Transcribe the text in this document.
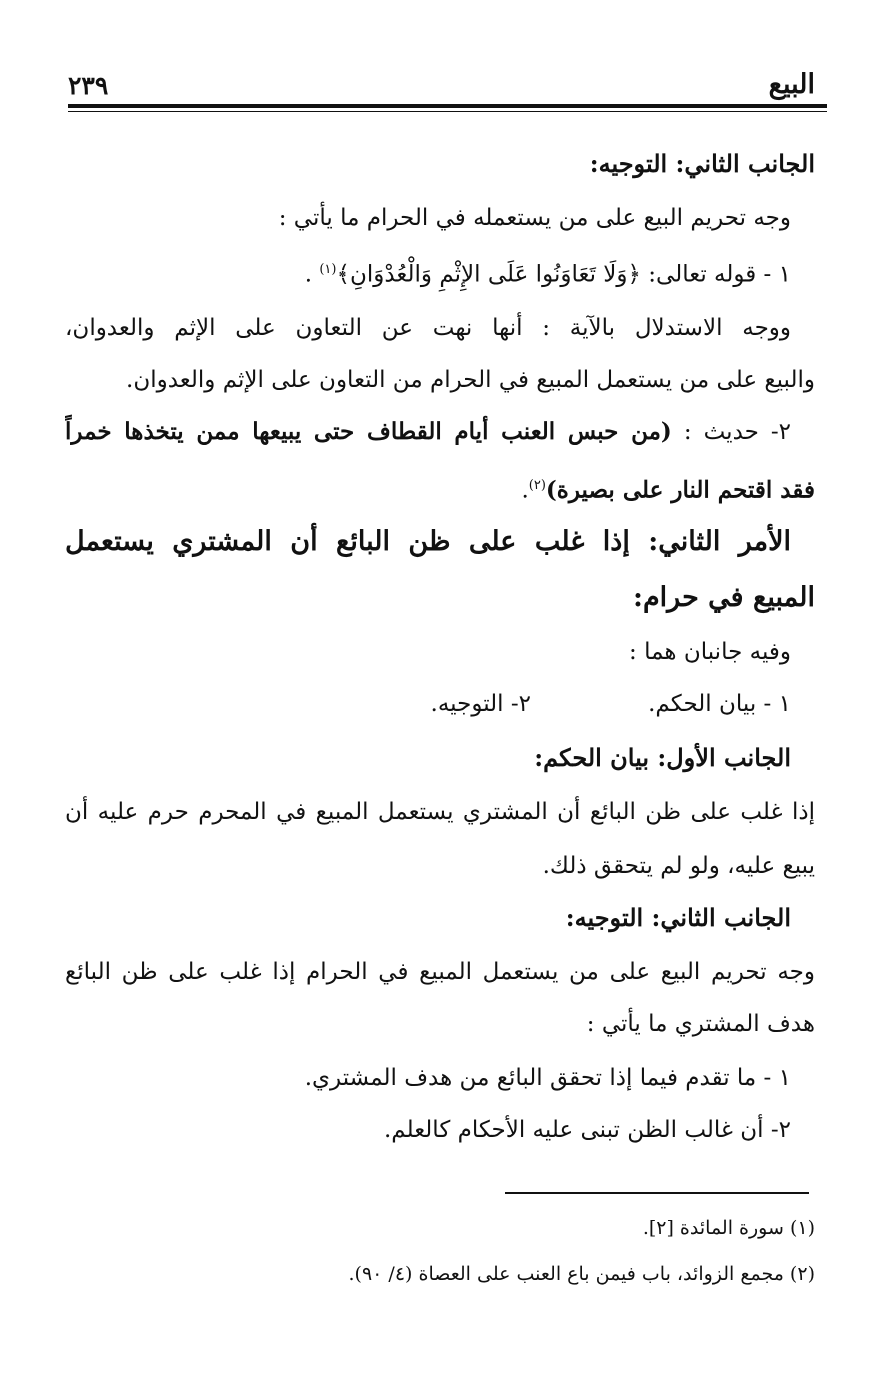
البيع
٢٣٩
الجانب الثاني: التوجيه:
وجه تحريم البيع على من يستعمله في الحرام ما يأتي :
١ - قوله تعالى: ﴿وَلَا تَعَاوَنُوا عَلَى الإِثْمِ وَالْعُدْوَانِ﴾$^{(١)}$ .
ووجه الاستدلال بالآية : أنها نهت عن التعاون على الإثم والعدوان،
والبيع على من يستعمل المبيع في الحرام من التعاون على الإثم والعدوان.
٢- حديث : (من حبس العنب أيام القطاف حتى يبيعها ممن يتخذها خمراً
فقد اقتحم النار على بصيرة)$^{(٢)}$.
الأمر الثاني: إذا غلب على ظن البائع أن المشتري يستعمل
المبيع في حرام:
وفيه جانبان هما :
١ - بيان الحكم.
٢- التوجيه.
الجانب الأول: بيان الحكم:
إذا غلب على ظن البائع أن المشتري يستعمل المبيع في المحرم حرم عليه أن
يبيع عليه، ولو لم يتحقق ذلك.
الجانب الثاني: التوجيه:
وجه تحريم البيع على من يستعمل المبيع في الحرام إذا غلب على ظن البائع
هدف المشتري ما يأتي :
١ - ما تقدم فيما إذا تحقق البائع من هدف المشتري.
٢- أن غالب الظن تبنى عليه الأحكام كالعلم.
(١) سورة المائدة [٢].
(٢) مجمع الزوائد، باب فيمن باع العنب على العصاة (٤/ ٩٠).
